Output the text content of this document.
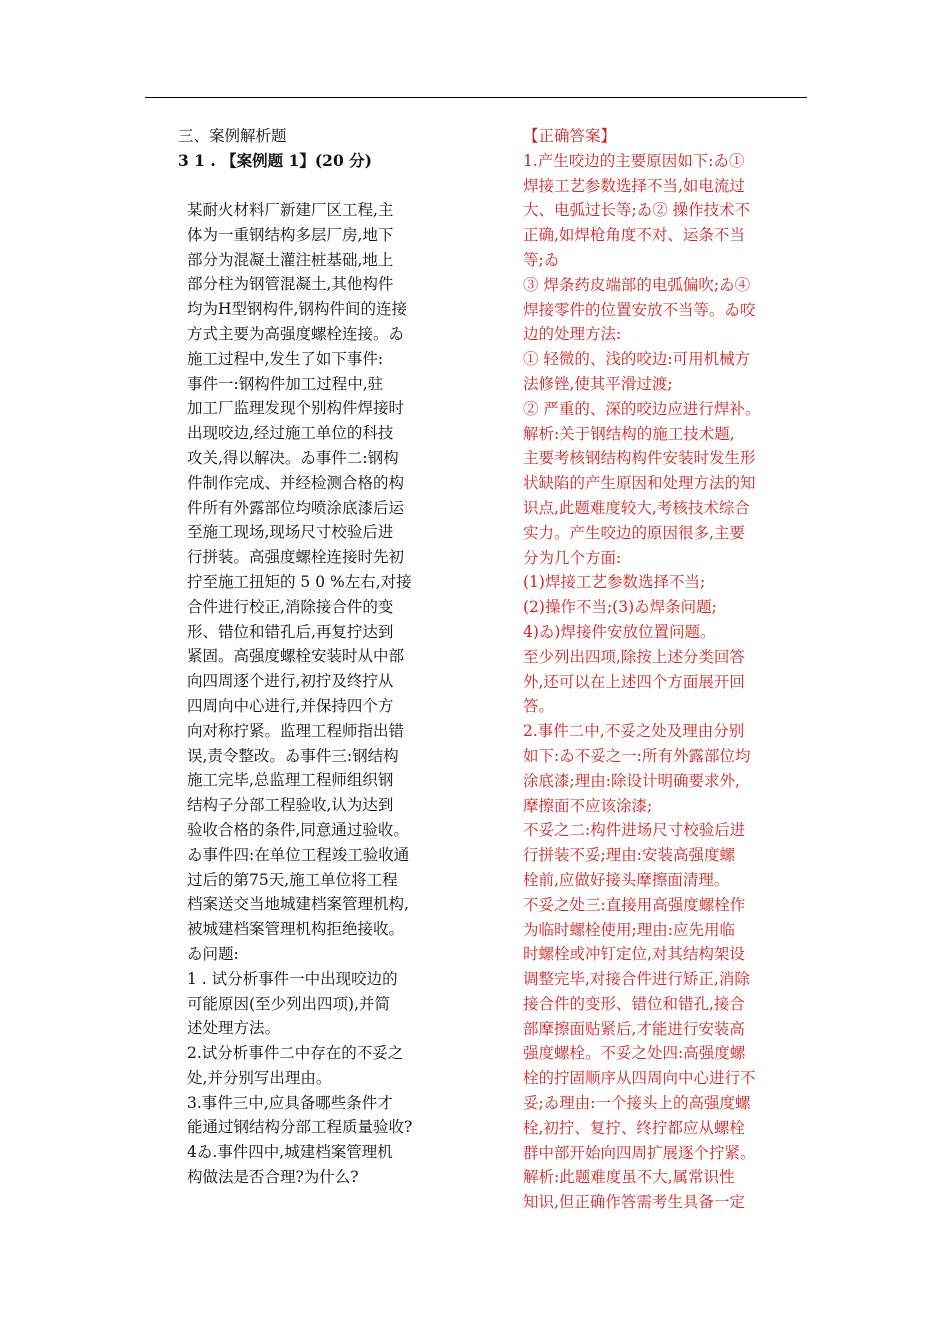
三、案例解析题
3 1 . 【案例题 1】(20 分)
某耐火材料厂新建厂区工程,主
体为一重钢结构多层厂房,地下
部分为混凝土灌注桩基础,地上
部分柱为钢管混凝土,其他构件
均为H型钢构件,钢构件间的连接
方式主要为高强度螺栓连接。ゐ
施工过程中,发生了如下事件:
事件一:钢构件加工过程中,驻
加工厂监理发现个别构件焊接时
出现咬边,经过施工单位的科技
攻关,得以解决。ゐ事件二:钢构
件制作完成、并经检测合格的构
件所有外露部位均喷涂底漆后运
至施工现场,现场尺寸校验后进
行拼装。高强度螺栓连接时先初
拧至施工扭矩的 5 0 %左右,对接
合件进行校正,消除接合件的变
形、错位和错孔后,再复拧达到
紧固。高强度螺栓安装时从中部
向四周逐个进行,初拧及终拧从
四周向中心进行,并保持四个方
向对称拧紧。监理工程师指出错
误,责令整改。ゐ事件三:钢结构
施工完毕,总监理工程师组织钢
结构子分部工程验收,认为达到
验收合格的条件,同意通过验收。
ゐ事件四:在单位工程竣工验收通
过后的第75天,施工单位将工程
档案送交当地城建档案管理机构,
被城建档案管理机构拒绝接收。
ゐ问题:
1 . 试分析事件一中出现咬边的
可能原因(至少列出四项),并简
述处理方法。
2.试分析事件二中存在的不妥之
处,并分别写出理由。
3.事件三中,应具备哪些条件才
能通过钢结构分部工程质量验收?
4ゐ.事件四中,城建档案管理机
构做法是否合理?为什么?
【正确答案】
1.产生咬边的主要原因如下:ゐ①
焊接工艺参数选择不当,如电流过
大、电弧过长等;ゐ② 操作技术不
正确,如焊枪角度不对、运条不当
等;ゐ
③ 焊条药皮端部的电弧偏吹;ゐ④
焊接零件的位置安放不当等。ゐ咬
边的处理方法:
① 轻微的、浅的咬边:可用机械方
法修锉,使其平滑过渡;
② 严重的、深的咬边应进行焊补。
解析:关于钢结构的施工技术题,
主要考核钢结构构件安装时发生形
状缺陷的产生原因和处理方法的知
识点,此题难度较大,考核技术综合
实力。产生咬边的原因很多,主要
分为几个方面:
(1)焊接工艺参数选择不当;
(2)操作不当;(3)ゐ焊条问题;
4)ゐ)焊接件安放位置问题。
至少列出四项,除按上述分类回答
外,还可以在上述四个方面展开回
答。
2.事件二中,不妥之处及理由分别
如下:ゐ不妥之一:所有外露部位均
涂底漆;理由:除设计明确要求外,
摩擦面不应该涂漆;
不妥之二:构件进场尺寸校验后进
行拼装不妥;理由:安装高强度螺
栓前,应做好接头摩擦面清理。
不妥之处三:直接用高强度螺栓作
为临时螺栓使用;理由:应先用临
时螺栓或冲钉定位,对其结构架设
调整完毕,对接合件进行矫正,消除
接合件的变形、错位和错孔,接合
部摩擦面贴紧后,才能进行安装高
强度螺栓。不妥之处四:高强度螺
栓的拧固顺序从四周向中心进行不
妥;ゐ理由:一个接头上的高强度螺
栓,初拧、复拧、终拧都应从螺栓
群中部开始向四周扩展逐个拧紧。
解析:此题难度虽不大,属常识性
知识,但正确作答需考生具备一定
